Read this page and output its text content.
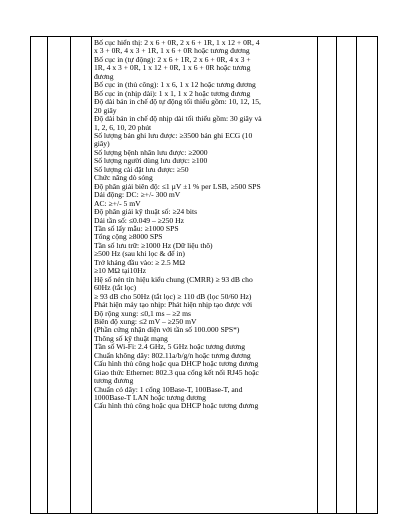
Bố cục hiển thị: 2 x 6 + 0R, 2 x 6 + 1R, 1 x 12 + 0R, 4
x 3 + 0R, 4 x 3 + 1R, 1 x 6 + 0R hoặc tương đương
Bố cục in (tự động): 2 x 6 + 1R, 2 x 6 + 0R, 4 x 3 +
1R, 4 x 3 + 0R, 1 x 12 + 0R, 1 x 6 + 0R hoặc tương
đương
Bố cục in (thủ công): 1 x 6, 1 x 12 hoặc tương đương
Bố cục in (nhịp dài): 1 x 1, 1 x 2 hoặc tương đương
Độ dài bản in chế độ tự động tối thiểu gồm: 10, 12, 15,
20 giây
Độ dài bản in chế độ nhịp dài tối thiểu gồm: 30 giây và
1, 2, 6, 10, 20 phút
Số lượng bản ghi lưu được: ≥3500 bản ghi ECG (10
giây)
Số lượng bệnh nhân lưu được: ≥2000
Số lượng người dùng lưu được: ≥100
Số lượng cài đặt lưu được: ≥50
Chức năng dò sóng
Độ phân giải biên độ: ≤1 µV ±1 % per LSB, ≥500 SPS
Dải động: DC: ≥+/- 300 mV
AC: ≥+/- 5 mV
Độ phân giải kỹ thuật số: ≥24 bits
Dải tần số: ≤0.049 – ≥250 Hz
Tần số lấy mẫu: ≥1000 SPS
Tổng cộng ≥8000 SPS
Tần số lưu trữ: ≥1000 Hz (Dữ liệu thô)
≥500 Hz (sau khi lọc & để in)
Trở kháng đầu vào: ≥ 2.5 MΩ
≥10 MΩ tại10Hz
Hệ số nén tín hiệu kiểu chung (CMRR) ≥ 93 dB cho
60Hz (tắt lọc)
≥ 93 dB cho 50Hz (tắt lọc) ≥ 110 dB (lọc 50/60 Hz)
Phát hiện máy tạo nhịp: Phát hiện nhịp tạo được với
Độ rộng xung: ≤0,1 ms – ≥2 ms
Biên độ xung: ≤2 mV – ≥250 mV
(Phần cứng nhận diện với tần số 100.000 SPS*)
Thông số kỹ thuật mạng
Tần số Wi-Fi: 2.4 GHz, 5 GHz hoặc tương đương
Chuẩn không dây: 802.11a/b/g/n hoặc tương đương
Cấu hình thủ công hoặc qua DHCP hoặc tương đương
Giao thức Ethernet: 802.3 qua cổng kết nối RJ45 hoặc
tương đương
Chuẩn có dây: 1 cổng 10Base-T, 100Base-T, and
1000Base-T LAN hoặc tương đương
Cấu hình thủ công hoặc qua DHCP hoặc tương đương
